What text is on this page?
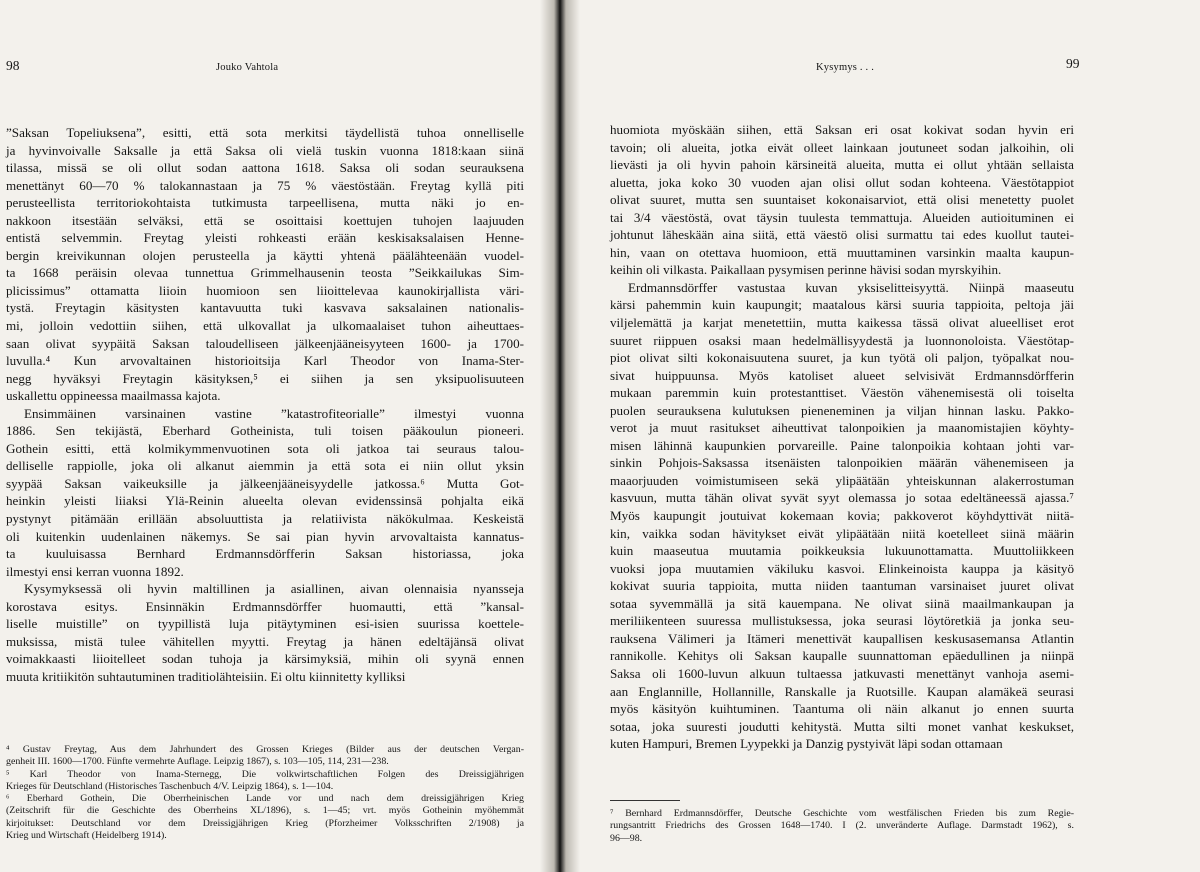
98	Jouko Vahtola
”Saksan Topeliuksena”, esitti, että sota merkitsi täydellistä tuhoa onnelliselle
ja hyvinvoivalle Saksalle ja että Saksa oli vielä tuskin vuonna 1818:kaan siinä
tilassa, missä se oli ollut sodan aattona 1618. Saksa oli sodan seurauksena
menettänyt 60—70 % talokannastaan ja 75 % väestöstään. Freytag kyllä piti
perusteellista territoriokohtaista tutkimusta tarpeellisena, mutta näki jo en-
nakkoon itsestään selväksi, että se osoittaisi koettujen tuhojen laajuuden
entistä selvemmin. Freytag yleisti rohkeasti erään keskisaksalaisen Henne-
bergin kreivikunnan olojen perusteella ja käytti yhtenä päälähteenään vuodel-
ta 1668 peräisin olevaa tunnettua Grimmelhausenin teosta ”Seikkailukas Sim-
plicissimus” ottamatta liioin huomioon sen liioittelevaa kaunokirjallista väri-
tystä. Freytagin käsitysten kantavuutta tuki kasvava saksalainen nationalis-
mi, jolloin vedottiin siihen, että ulkovallat ja ulkomaalaiset tuhon aiheuttaes-
saan olivat syypäitä Saksan taloudelliseen jälkeenjääneisyyteen 1600- ja 1700-
luvulla.⁴ Kun arvovaltainen historioitsija Karl Theodor von Inama-Ster-
negg hyväksyi Freytagin käsityksen,⁵ ei siihen ja sen yksipuolisuuteen
uskallettu oppineessa maailmassa kajota.
Ensimmäinen varsinainen vastine ”katastrofiteorialle” ilmestyi vuonna
1886. Sen tekijästä, Eberhard Gotheinista, tuli toisen pääkoulun pioneeri.
Gothein esitti, että kolmikymmenvuotinen sota oli jatkoa tai seuraus talou-
delliselle rappiolle, joka oli alkanut aiemmin ja että sota ei niin ollut yksin
syypää Saksan vaikeuksille ja jälkeenjääneisyydelle jatkossa.⁶ Mutta Got-
heinkin yleisti liiaksi Ylä-Reinin alueelta olevan evidenssinsä pohjalta eikä
pystynyt pitämään erillään absoluuttista ja relatiivista näkökulmaa. Keskeistä
oli kuitenkin uudenlainen näkemys. Se sai pian hyvin arvovaltaista kannatus-
ta kuuluisassa Bernhard Erdmannsdörfferin Saksan historiassa, joka
ilmestyi ensi kerran vuonna 1892.
Kysymyksessä oli hyvin maltillinen ja asiallinen, aivan olennaisia nyansseja
korostava esitys. Ensinnäkin Erdmannsdörffer huomautti, että ”kansal-
liselle muistille” on tyypillistä luja pitäytyminen esi-isien suurissa koettele-
muksissa, mistä tulee vähitellen myytti. Freytag ja hänen edeltäjänsä olivat
voimakkaasti liioitelleet sodan tuhoja ja kärsimyksiä, mihin oli syynä ennen
muuta kritiikitön suhtautuminen traditiolähteisiin. Ei oltu kiinnitetty kylliksi
⁴ Gustav Freytag, Aus dem Jahrhundert des Grossen Krieges (Bilder aus der deutschen Vergan-
genheit III. 1600—1700. Fünfte vermehrte Auflage. Leipzig 1867), s. 103—105, 114, 231—238.
⁵ Karl Theodor von Inama-Sternegg, Die volkwirtschaftlichen Folgen des Dreissigjährigen
Krieges für Deutschland (Historisches Taschenbuch 4/V. Leipzig 1864), s. 1—104.
⁶ Eberhard Gothein, Die Oberrheinischen Lande vor und nach dem dreissigjährigen Krieg
(Zeitschrift für die Geschichte des Oberrheins XL/1896), s. 1—45; vrt. myös Gotheinin myöhemmät
kirjoitukset: Deutschland vor dem Dreissigjährigen Krieg (Pforzheimer Volksschriften 2/1908) ja
Krieg und Wirtschaft (Heidelberg 1914).
Kysymys . . .	99
huomiota myöskään siihen, että Saksan eri osat kokivat sodan hyvin eri
tavoin; oli alueita, jotka eivät olleet lainkaan joutuneet sodan jalkoihin, oli
lievästi ja oli hyvin pahoin kärsineitä alueita, mutta ei ollut yhtään sellaista
aluetta, joka koko 30 vuoden ajan olisi ollut sodan kohteena. Väestötappiot
olivat suuret, mutta sen suuntaiset kokonaisarviot, että olisi menetetty puolet
tai 3/4 väestöstä, ovat täysin tuulesta temmattuja. Alueiden autioituminen ei
johtunut läheskään aina siitä, että väestö olisi surmattu tai edes kuollut tautei-
hin, vaan on otettava huomioon, että muuttaminen varsinkin maalta kaupun-
keihin oli vilkasta. Paikallaan pysymisen perinne hävisi sodan myrskyihin.
Erdmannsdörffer vastustaa kuvan yksiselitteisyyttä. Niinpä maaseutu
kärsi pahemmin kuin kaupungit; maatalous kärsi suuria tappioita, peltoja jäi
viljelemättä ja karjat menetettiin, mutta kaikessa tässä olivat alueelliset erot
suuret riippuen osaksi maan hedelmällisyydestä ja luonnonoloista. Väestötap-
piot olivat silti kokonaisuutena suuret, ja kun työtä oli paljon, työpalkat nou-
sivat huippuunsa. Myös katoliset alueet selvisivät Erdmannsdörfferin
mukaan paremmin kuin protestanttiset. Väestön vähenemisestä oli toiselta
puolen seurauksena kulutuksen pieneneminen ja viljan hinnan lasku. Pakko-
verot ja muut rasitukset aiheuttivat talonpoikien ja maanomistajien köyhty-
misen lähinnä kaupunkien porvareille. Paine talonpoikia kohtaan johti var-
sinkin Pohjois-Saksassa itsenäisten talonpoikien määrän vähenemiseen ja
maaorjuuden voimistumiseen sekä ylipäätään yhteiskunnan alakerrostuman
kasvuun, mutta tähän olivat syvät syyt olemassa jo sotaa edeltäneessä ajassa.⁷
Myös kaupungit joutuivat kokemaan kovia; pakkoverot köyhdyttivät niitä-
kin, vaikka sodan hävitykset eivät ylipäätään niitä koetelleet siinä määrin
kuin maaseutua muutamia poikkeuksia lukuunottamatta. Muuttoliikkeen
vuoksi jopa muutamien väkiluku kasvoi. Elinkeinoista kauppa ja käsityö
kokivat suuria tappioita, mutta niiden taantuman varsinaiset juuret olivat
sotaa syvemmällä ja sitä kauempana. Ne olivat siinä maailmankaupan ja
meriliikenteen suuressa mullistuksessa, joka seurasi löytöretkiä ja jonka seu-
rauksena Välimeri ja Itämeri menettivät kaupallisen keskusasemansa Atlantin
rannikolle. Kehitys oli Saksan kaupalle suunnattoman epäedullinen ja niinpä
Saksa oli 1600-luvun alkuun tultaessa jatkuvasti menettänyt vanhoja asemi-
aan Englannille, Hollannille, Ranskalle ja Ruotsille. Kaupan alamäkeä seurasi
myös käsityön kuihtuminen. Taantuma oli näin alkanut jo ennen suurta
sotaa, joka suuresti joudutti kehitystä. Mutta silti monet vanhat keskukset,
kuten Hampuri, Bremen Lyypekki ja Danzig pystyivät läpi sodan ottamaan
⁷ Bernhard Erdmannsdörffer, Deutsche Geschichte vom westfälischen Frieden bis zum Regie-
rungsantritt Friedrichs des Grossen 1648—1740. I (2. unveränderte Auflage. Darmstadt 1962), s.
96—98.
